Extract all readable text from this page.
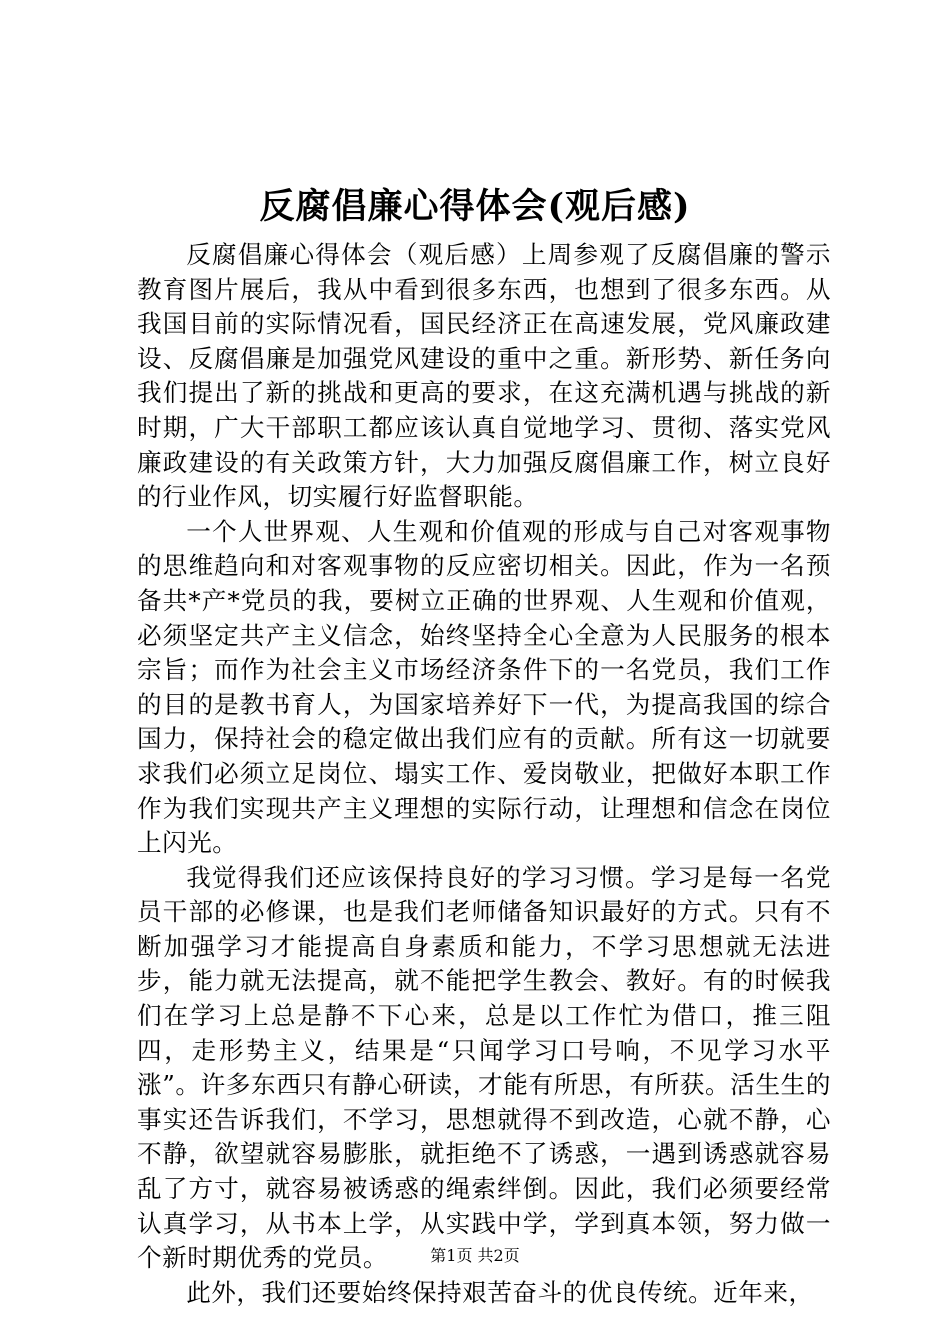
反腐倡廉心得体会(观后感)

反腐倡廉心得体会（观后感）上周参观了反腐倡廉的警示教育图片展后，我从中看到很多东西，也想到了很多东西。从我国目前的实际情况看，国民经济正在高速发展，党风廉政建设、反腐倡廉是加强党风建设的重中之重。新形势、新任务向我们提出了新的挑战和更高的要求，在这充满机遇与挑战的新时期，广大干部职工都应该认真自觉地学习、贯彻、落实党风廉政建设的有关政策方针，大力加强反腐倡廉工作，树立良好的行业作风，切实履行好监督职能。

一个人世界观、人生观和价值观的形成与自己对客观事物的思维趋向和对客观事物的反应密切相关。因此，作为一名预备共*产*党员的我，要树立正确的世界观、人生观和价值观，必须坚定共产主义信念，始终坚持全心全意为人民服务的根本宗旨；而作为社会主义市场经济条件下的一名党员，我们工作的目的是教书育人，为国家培养好下一代，为提高我国的综合国力，保持社会的稳定做出我们应有的贡献。所有这一切就要求我们必须立足岗位、塌实工作、爱岗敬业，把做好本职工作作为我们实现共产主义理想的实际行动，让理想和信念在岗位上闪光。

我觉得我们还应该保持良好的学习习惯。学习是每一名党员干部的必修课，也是我们老师储备知识最好的方式。只有不断加强学习才能提高自身素质和能力，不学习思想就无法进步，能力就无法提高，就不能把学生教会、教好。有的时候我们在学习上总是静不下心来，总是以工作忙为借口，推三阻四，走形势主义，结果是“只闻学习口号响，不见学习水平涨”。许多东西只有静心研读，才能有所思，有所获。活生生的事实还告诉我们，不学习，思想就得不到改造，心就不静，心不静，欲望就容易膨胀，就拒绝不了诱惑，一遇到诱惑就容易乱了方寸，就容易被诱惑的绳索绊倒。因此，我们必须要经常认真学习，从书本上学，从实践中学，学到真本领，努力做一个新时期优秀的党员。

此外，我们还要始终保持艰苦奋斗的优良传统。近年来，

第1页 共2页
